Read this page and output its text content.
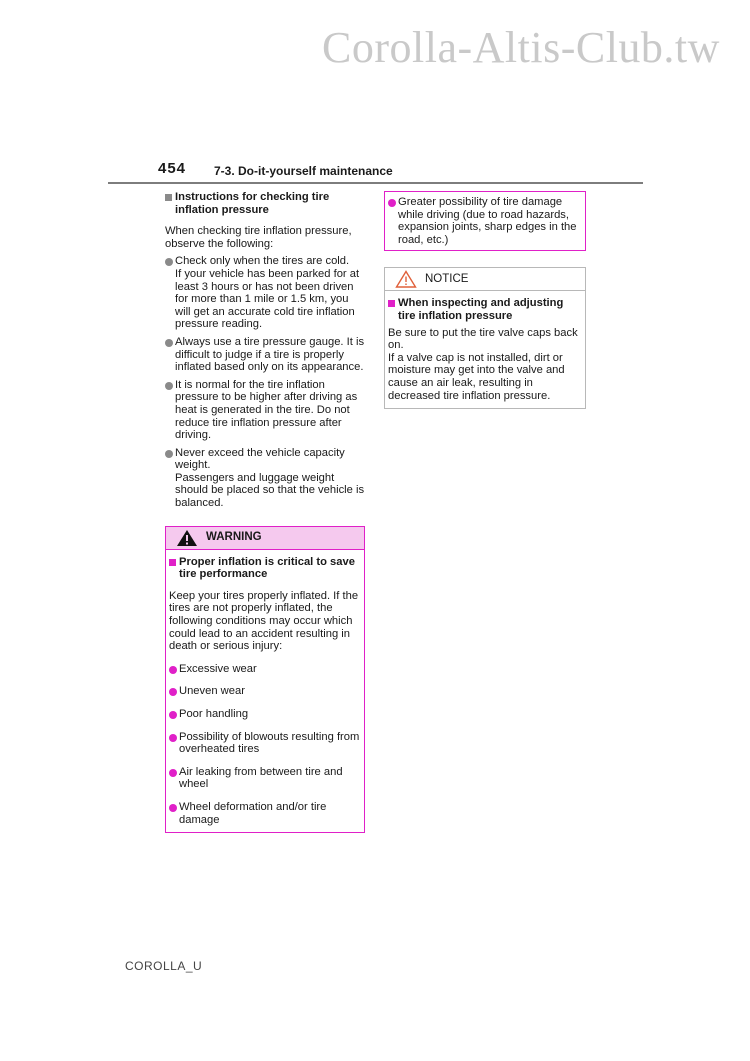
Corolla-Altis-Club.tw
454 7-3. Do-it-yourself maintenance
Instructions for checking tire inflation pressure
When checking tire inflation pressure, observe the following:
Check only when the tires are cold.
If your vehicle has been parked for at least 3 hours or has not been driven for more than 1 mile or 1.5 km, you will get an accurate cold tire inflation pressure reading.
Always use a tire pressure gauge. It is difficult to judge if a tire is properly inflated based only on its appearance.
It is normal for the tire inflation pressure to be higher after driving as heat is generated in the tire. Do not reduce tire inflation pressure after driving.
Never exceed the vehicle capacity weight.
Passengers and luggage weight should be placed so that the vehicle is balanced.
WARNING
Proper inflation is critical to save tire performance
Keep your tires properly inflated. If the tires are not properly inflated, the following conditions may occur which could lead to an accident resulting in death or serious injury:
Excessive wear
Uneven wear
Poor handling
Possibility of blowouts resulting from overheated tires
Air leaking from between tire and wheel
Wheel deformation and/or tire damage
Greater possibility of tire damage while driving (due to road hazards, expansion joints, sharp edges in the road, etc.)
NOTICE
When inspecting and adjusting tire inflation pressure
Be sure to put the tire valve caps back on.
If a valve cap is not installed, dirt or moisture may get into the valve and cause an air leak, resulting in decreased tire inflation pressure.
COROLLA_U
